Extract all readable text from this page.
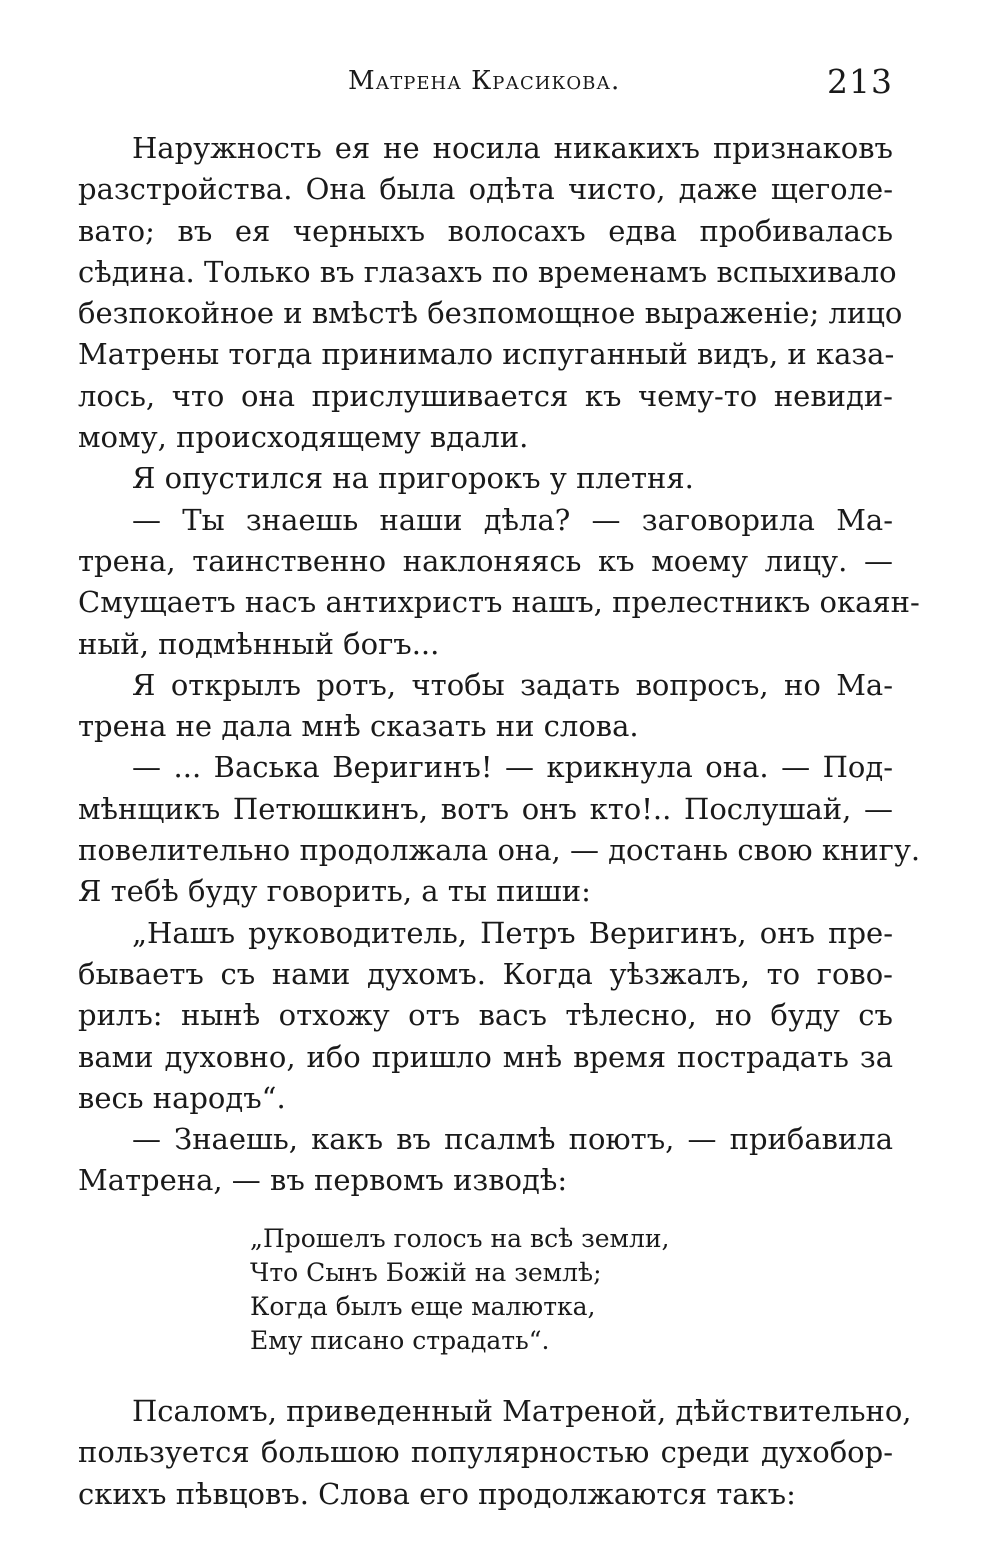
Матрена Красикова.	213
Наружность ея не носила никакихъ признаковъ
разстройства. Она была одѣта чисто, даже щеголе-
вато; въ ея черныхъ волосахъ едва пробивалась
сѣдина. Только въ глазахъ по временамъ вспыхивало
безпокойное и вмѣстѣ безпомощное выраженіе; лицо
Матрены тогда принимало испуганный видъ, и каза-
лось, что она прислушивается къ чему-то невиди-
мому, происходящему вдали.
Я опустился на пригорокъ у плетня.
— Ты знаешь наши дѣла? — заговорила Ма-
трена, таинственно наклоняясь къ моему лицу. —
Смущаетъ насъ антихристъ нашъ, прелестникъ окаян-
ный, подмѣнный богъ...
Я открылъ ротъ, чтобы задать вопросъ, но Ма-
трена не дала мнѣ сказать ни слова.
— ... Васька Веригинъ! — крикнула она. — Под-
мѣнщикъ Петюшкинъ, вотъ онъ кто!.. Послушай, —
повелительно продолжала она, — достань свою книгу.
Я тебѣ буду говорить, а ты пиши:
„Нашъ руководитель, Петръ Веригинъ, онъ пре-
бываетъ съ нами духомъ. Когда уѣзжалъ, то гово-
рилъ: нынѣ отхожу отъ васъ тѣлесно, но буду съ
вами духовно, ибо пришло мнѣ время пострадать за
весь народъ“.
— Знаешь, какъ въ псалмѣ поютъ, — прибавила
Матрена, — въ первомъ изводѣ:
„Прошелъ голосъ на всѣ земли,
Что Сынъ Божій на землѣ;
Когда былъ еще малютка,
Ему писано страдать“.
Псаломъ, приведенный Матреной, дѣйствительно,
пользуется большою популярностью среди духобор-
скихъ пѣвцовъ. Слова его продолжаются такъ:
